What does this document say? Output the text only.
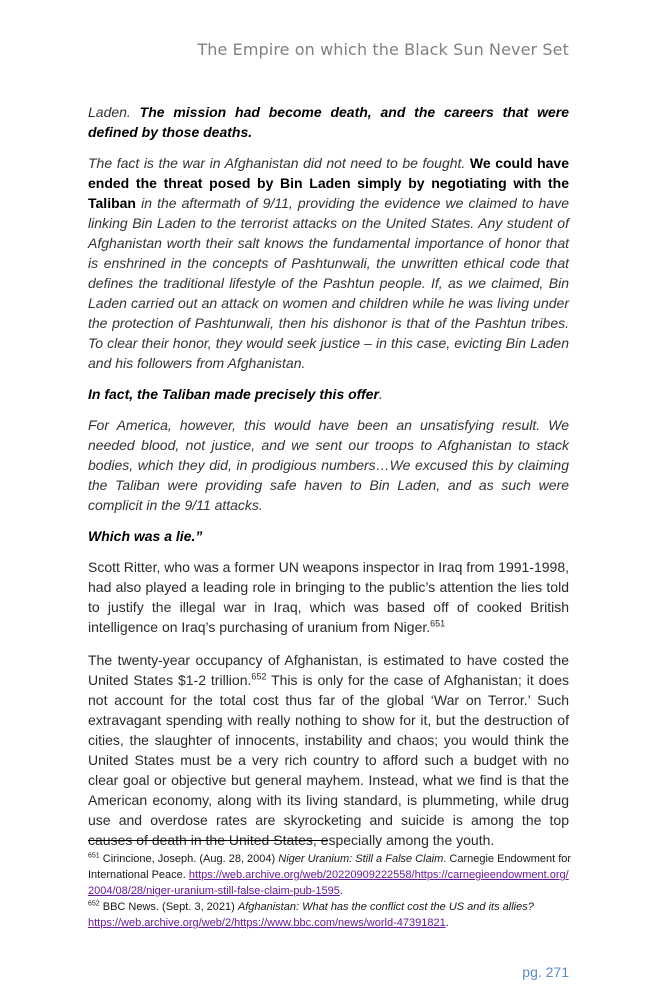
The Empire on which the Black Sun Never Set

Laden. The mission had become death, and the careers that were defined by those deaths.

The fact is the war in Afghanistan did not need to be fought. We could have ended the threat posed by Bin Laden simply by negotiating with the Taliban in the aftermath of 9/11, providing the evidence we claimed to have linking Bin Laden to the terrorist attacks on the United States. Any student of Afghanistan worth their salt knows the fundamental importance of honor that is enshrined in the concepts of Pashtunwali, the unwritten ethical code that defines the traditional lifestyle of the Pashtun people. If, as we claimed, Bin Laden carried out an attack on women and children while he was living under the protection of Pashtunwali, then his dishonor is that of the Pashtun tribes. To clear their honor, they would seek justice – in this case, evicting Bin Laden and his followers from Afghanistan.

In fact, the Taliban made precisely this offer.

For America, however, this would have been an unsatisfying result. We needed blood, not justice, and we sent our troops to Afghanistan to stack bodies, which they did, in prodigious numbers…We excused this by claiming the Taliban were providing safe haven to Bin Laden, and as such were complicit in the 9/11 attacks.

Which was a lie.”

Scott Ritter, who was a former UN weapons inspector in Iraq from 1991-1998, had also played a leading role in bringing to the public’s attention the lies told to justify the illegal war in Iraq, which was based off of cooked British intelligence on Iraq’s purchasing of uranium from Niger.$^{651}$

The twenty-year occupancy of Afghanistan, is estimated to have costed the United States $1-2 trillion.$^{652}$ This is only for the case of Afghanistan; it does not account for the total cost thus far of the global ‘War on Terror.’ Such extravagant spending with really nothing to show for it, but the destruction of cities, the slaughter of innocents, instability and chaos; you would think the United States must be a very rich country to afford such a budget with no clear goal or objective but general mayhem. Instead, what we find is that the American economy, along with its living standard, is plummeting, while drug use and overdose rates are skyrocketing and suicide is among the top causes of death in the United States, especially among the youth.

$^{651}$ Cirincione, Joseph. (Aug. 28, 2004) Niger Uranium: Still a False Claim. Carnegie Endowment for International Peace. https://web.archive.org/web/20220909222558/https://carnegieendowment.org/2004/08/28/niger-uranium-still-false-claim-pub-1595.
$^{652}$ BBC News. (Sept. 3, 2021) Afghanistan: What has the conflict cost the US and its allies?
https://web.archive.org/web/2/https://www.bbc.com/news/world-47391821.
pg. 271
